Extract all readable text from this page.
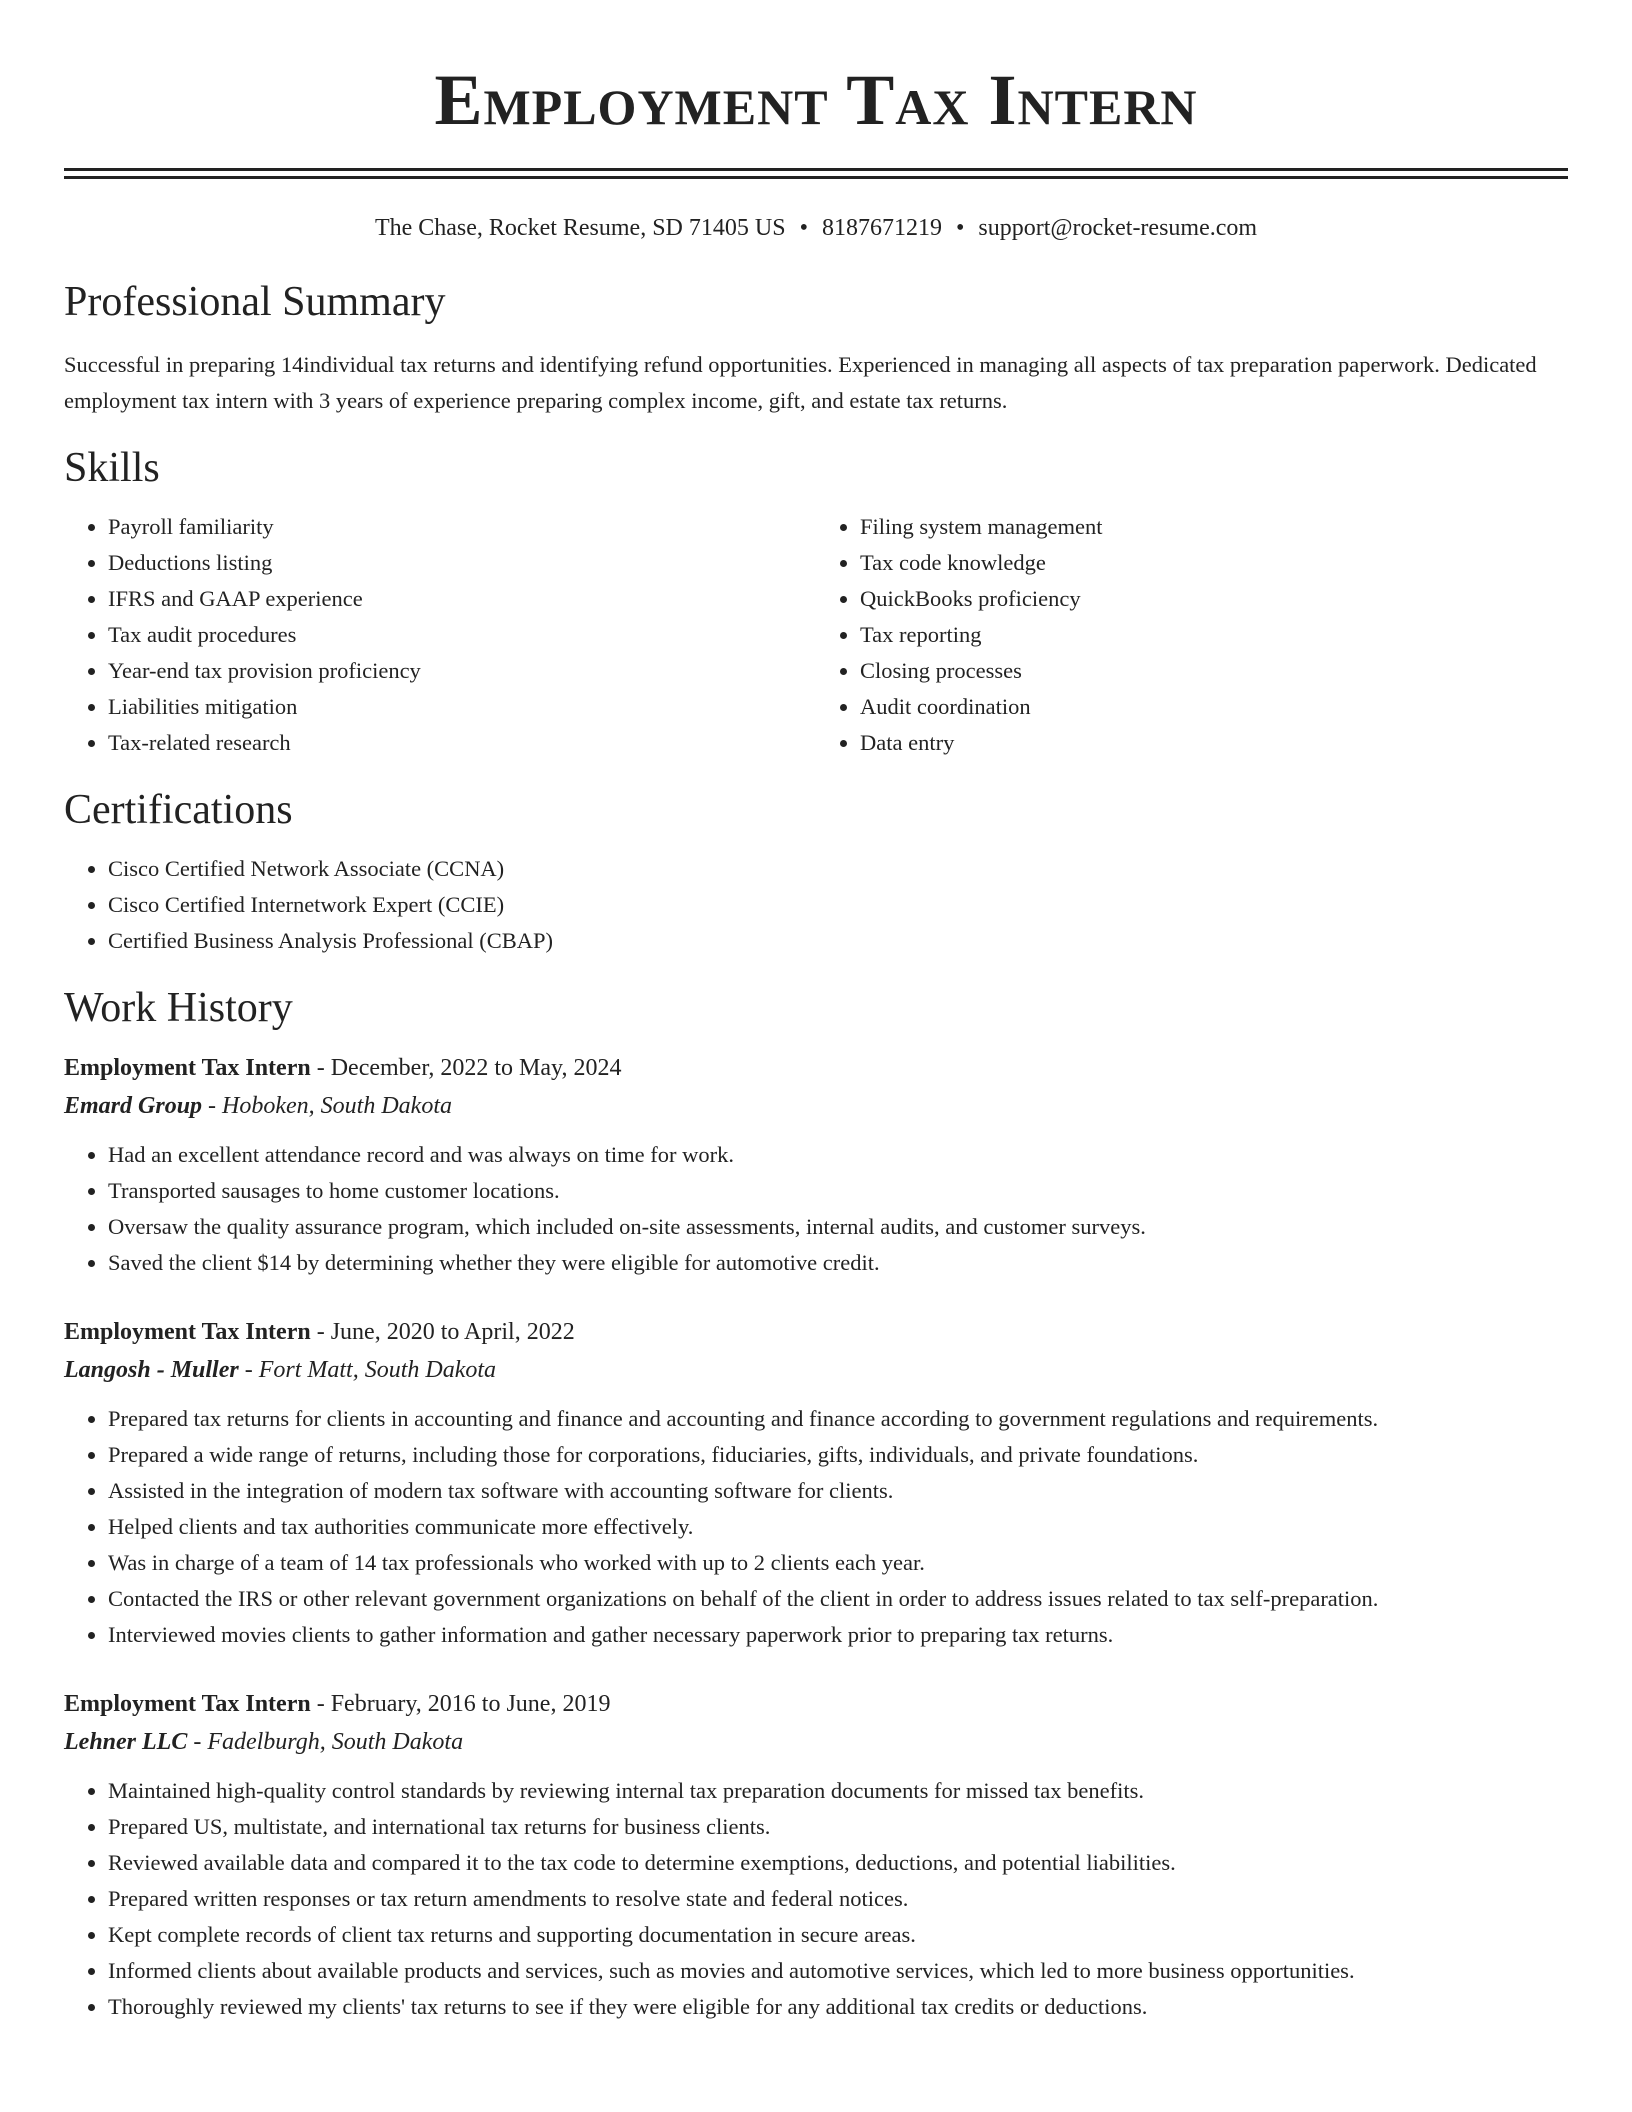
Employment Tax Intern
The Chase, Rocket Resume, SD 71405 US • 8187671219 • support@rocket-resume.com
Professional Summary

Successful in preparing 14individual tax returns and identifying refund opportunities. Experienced in managing all aspects of tax preparation paperwork. Dedicated employment tax intern with 3 years of experience preparing complex income, gift, and estate tax returns.

Skills
• Payroll familiarity
• Deductions listing
• IFRS and GAAP experience
• Tax audit procedures
• Year-end tax provision proficiency
• Liabilities mitigation
• Tax-related research
• Filing system management
• Tax code knowledge
• QuickBooks proficiency
• Tax reporting
• Closing processes
• Audit coordination
• Data entry
Certifications
• Cisco Certified Network Associate (CCNA)
• Cisco Certified Internetwork Expert (CCIE)
• Certified Business Analysis Professional (CBAP)
Work History
Employment Tax Intern - December, 2022 to May, 2024
Emard Group - Hoboken, South Dakota
• Had an excellent attendance record and was always on time for work.
• Transported sausages to home customer locations.
• Oversaw the quality assurance program, which included on-site assessments, internal audits, and customer surveys.
• Saved the client $14 by determining whether they were eligible for automotive credit.
Employment Tax Intern - June, 2020 to April, 2022
Langosh - Muller - Fort Matt, South Dakota
• Prepared tax returns for clients in accounting and finance and accounting and finance according to government regulations and requirements.
• Prepared a wide range of returns, including those for corporations, fiduciaries, gifts, individuals, and private foundations.
• Assisted in the integration of modern tax software with accounting software for clients.
• Helped clients and tax authorities communicate more effectively.
• Was in charge of a team of 14 tax professionals who worked with up to 2 clients each year.
• Contacted the IRS or other relevant government organizations on behalf of the client in order to address issues related to tax self-preparation.
• Interviewed movies clients to gather information and gather necessary paperwork prior to preparing tax returns.
Employment Tax Intern - February, 2016 to June, 2019
Lehner LLC - Fadelburgh, South Dakota
• Maintained high-quality control standards by reviewing internal tax preparation documents for missed tax benefits.
• Prepared US, multistate, and international tax returns for business clients.
• Reviewed available data and compared it to the tax code to determine exemptions, deductions, and potential liabilities.
• Prepared written responses or tax return amendments to resolve state and federal notices.
• Kept complete records of client tax returns and supporting documentation in secure areas.
• Informed clients about available products and services, such as movies and automotive services, which led to more business opportunities.
• Thoroughly reviewed my clients' tax returns to see if they were eligible for any additional tax credits or deductions.
